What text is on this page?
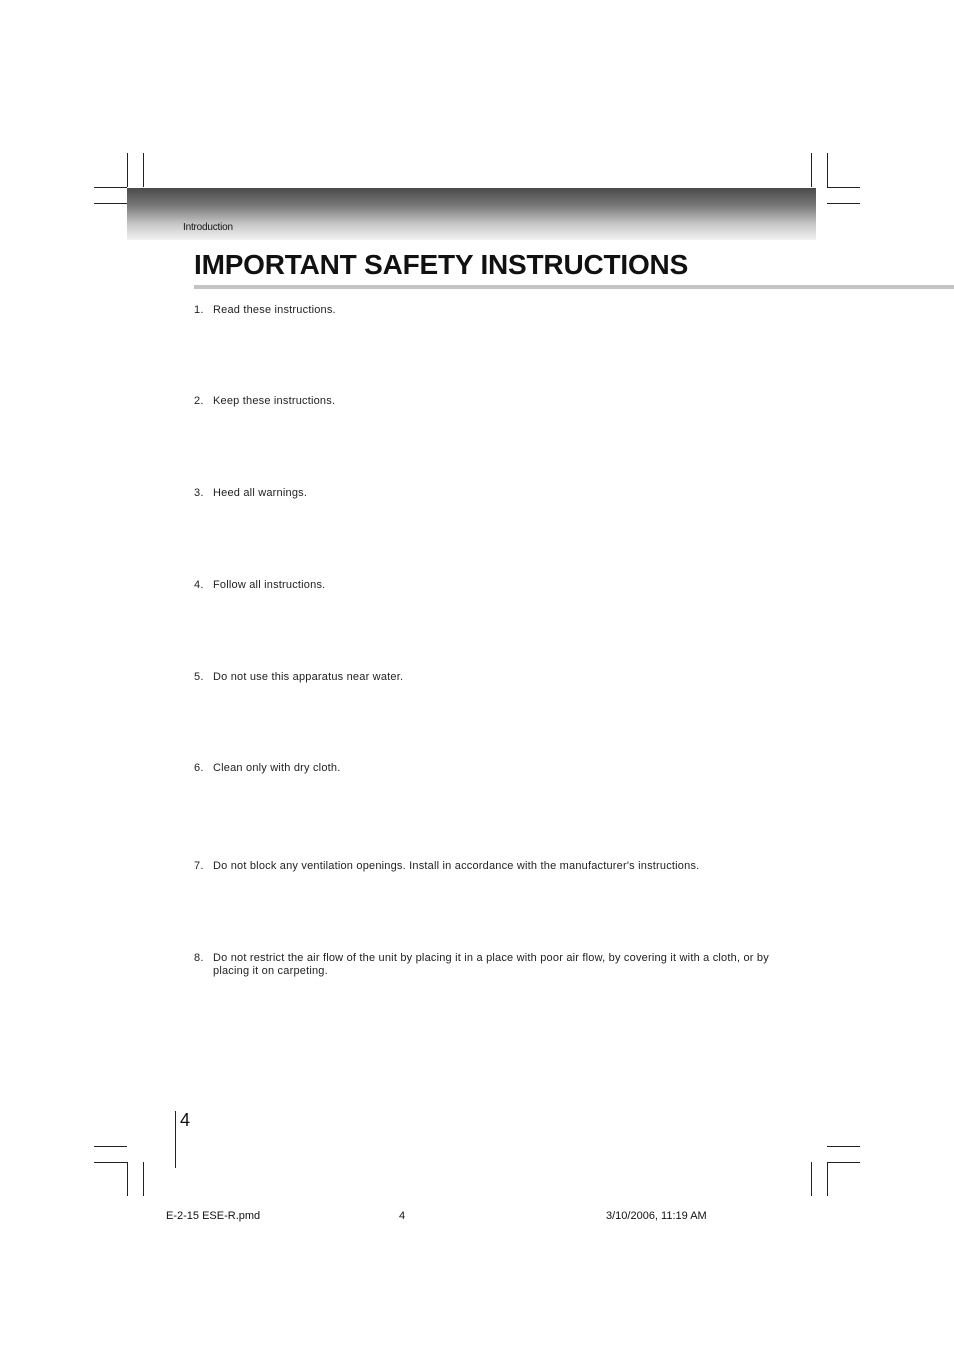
Introduction
IMPORTANT SAFETY INSTRUCTIONS
1. Read these instructions.
2. Keep these instructions.
3. Heed all warnings.
4. Follow all instructions.
5. Do not use this apparatus near water.
6. Clean only with dry cloth.
7. Do not block any ventilation openings. Install in accordance with the manufacturer's instructions.
8. Do not restrict the air flow of the unit by placing it in a place with poor air flow, by covering it with a cloth, or by placing it on carpeting.
4
E-2-15 ESE-R.pmd	4	3/10/2006, 11:19 AM
